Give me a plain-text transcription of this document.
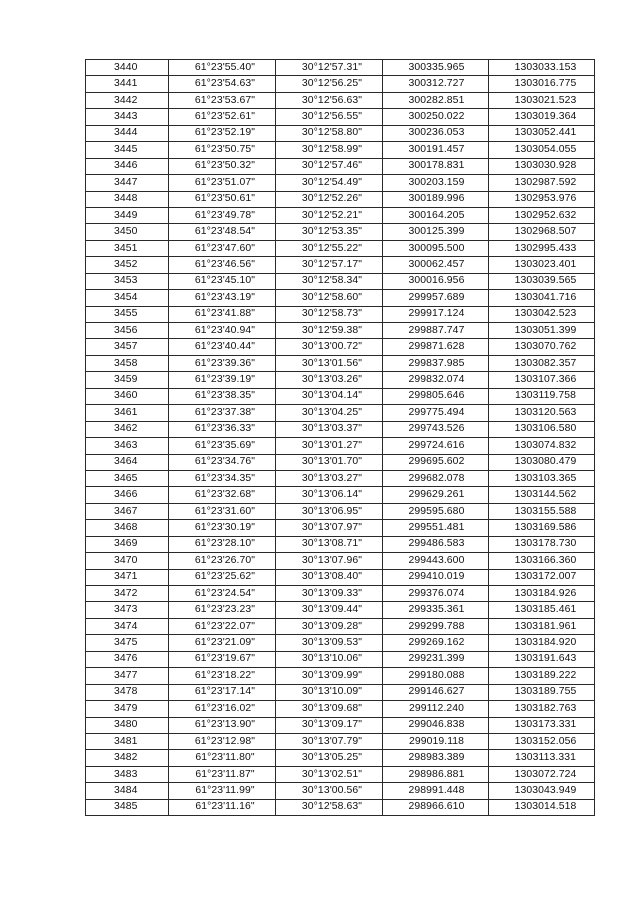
3440	61°23'55.40"	30°12'57.31"	300335.965	1303033.153
3441	61°23'54.63"	30°12'56.25"	300312.727	1303016.775
3442	61°23'53.67"	30°12'56.63"	300282.851	1303021.523
3443	61°23'52.61"	30°12'56.55"	300250.022	1303019.364
3444	61°23'52.19"	30°12'58.80"	300236.053	1303052.441
3445	61°23'50.75"	30°12'58.99"	300191.457	1303054.055
3446	61°23'50.32"	30°12'57.46"	300178.831	1303030.928
3447	61°23'51.07"	30°12'54.49"	300203.159	1302987.592
3448	61°23'50.61"	30°12'52.26"	300189.996	1302953.976
3449	61°23'49.78"	30°12'52.21"	300164.205	1302952.632
3450	61°23'48.54"	30°12'53.35"	300125.399	1302968.507
3451	61°23'47.60"	30°12'55.22"	300095.500	1302995.433
3452	61°23'46.56"	30°12'57.17"	300062.457	1303023.401
3453	61°23'45.10"	30°12'58.34"	300016.956	1303039.565
3454	61°23'43.19"	30°12'58.60"	299957.689	1303041.716
3455	61°23'41.88"	30°12'58.73"	299917.124	1303042.523
3456	61°23'40.94"	30°12'59.38"	299887.747	1303051.399
3457	61°23'40.44"	30°13'00.72"	299871.628	1303070.762
3458	61°23'39.36"	30°13'01.56"	299837.985	1303082.357
3459	61°23'39.19"	30°13'03.26"	299832.074	1303107.366
3460	61°23'38.35"	30°13'04.14"	299805.646	1303119.758
3461	61°23'37.38"	30°13'04.25"	299775.494	1303120.563
3462	61°23'36.33"	30°13'03.37"	299743.526	1303106.580
3463	61°23'35.69"	30°13'01.27"	299724.616	1303074.832
3464	61°23'34.76"	30°13'01.70"	299695.602	1303080.479
3465	61°23'34.35"	30°13'03.27"	299682.078	1303103.365
3466	61°23'32.68"	30°13'06.14"	299629.261	1303144.562
3467	61°23'31.60"	30°13'06.95"	299595.680	1303155.588
3468	61°23'30.19"	30°13'07.97"	299551.481	1303169.586
3469	61°23'28.10"	30°13'08.71"	299486.583	1303178.730
3470	61°23'26.70"	30°13'07.96"	299443.600	1303166.360
3471	61°23'25.62"	30°13'08.40"	299410.019	1303172.007
3472	61°23'24.54"	30°13'09.33"	299376.074	1303184.926
3473	61°23'23.23"	30°13'09.44"	299335.361	1303185.461
3474	61°23'22.07"	30°13'09.28"	299299.788	1303181.961
3475	61°23'21.09"	30°13'09.53"	299269.162	1303184.920
3476	61°23'19.67"	30°13'10.06"	299231.399	1303191.643
3477	61°23'18.22"	30°13'09.99"	299180.088	1303189.222
3478	61°23'17.14"	30°13'10.09"	299146.627	1303189.755
3479	61°23'16.02"	30°13'09.68"	299112.240	1303182.763
3480	61°23'13.90"	30°13'09.17"	299046.838	1303173.331
3481	61°23'12.98"	30°13'07.79"	299019.118	1303152.056
3482	61°23'11.80"	30°13'05.25"	298983.389	1303113.331
3483	61°23'11.87"	30°13'02.51"	298986.881	1303072.724
3484	61°23'11.99"	30°13'00.56"	298991.448	1303043.949
3485	61°23'11.16"	30°12'58.63"	298966.610	1303014.518
